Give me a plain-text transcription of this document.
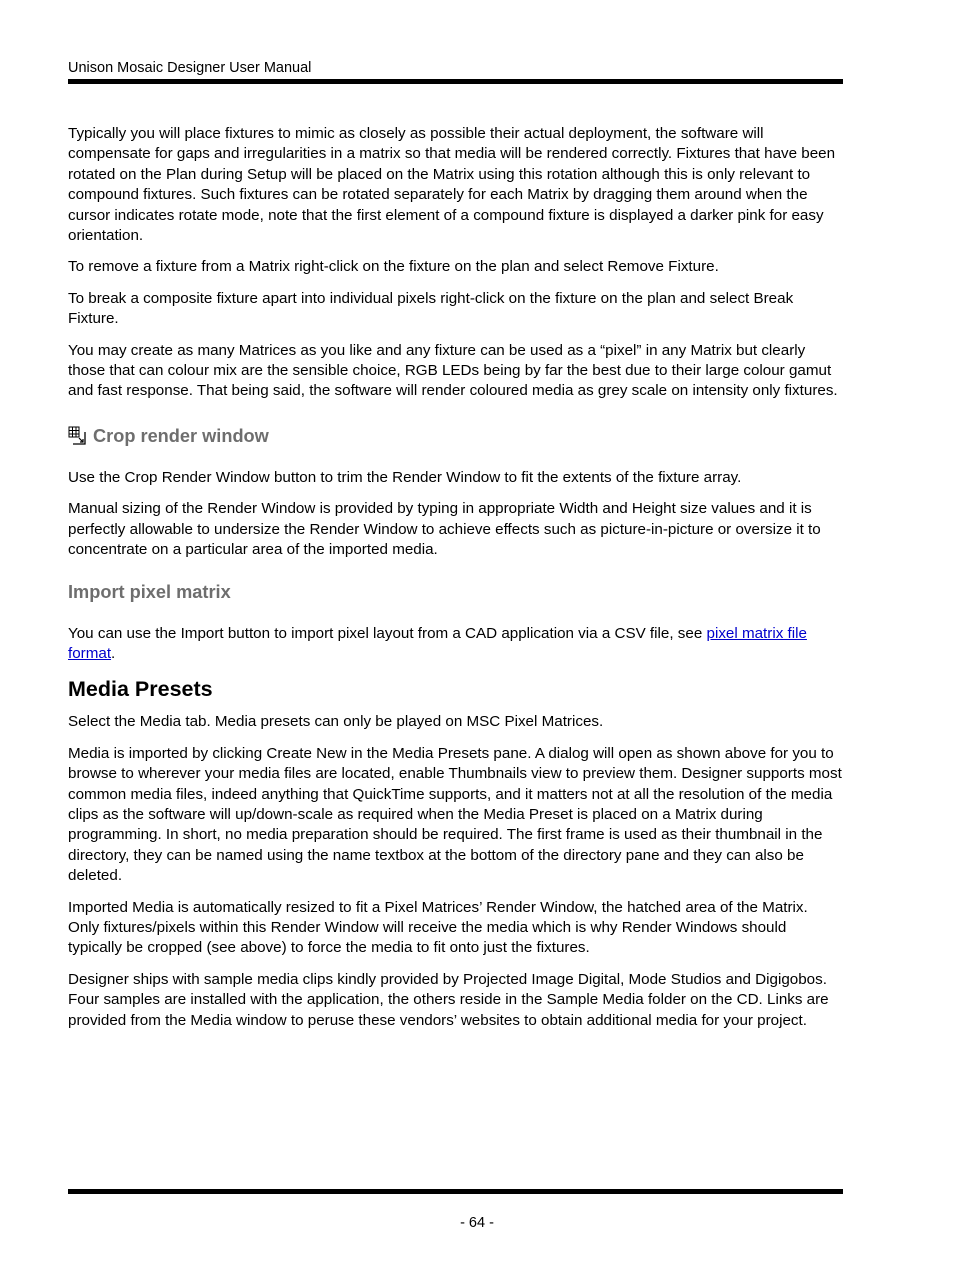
Unison Mosaic Designer User Manual

Typically you will place fixtures to mimic as closely as possible their actual deployment, the software will compensate for gaps and irregularities in a matrix so that media will be rendered correctly. Fixtures that have been rotated on the Plan during Setup will be placed on the Matrix using this rotation although this is only relevant to compound fixtures. Such fixtures can be rotated separately for each Matrix by dragging them around when the cursor indicates rotate mode, note that the first element of a compound fixture is displayed a darker pink for easy orientation.

To remove a fixture from a Matrix right-click on the fixture on the plan and select Remove Fixture.

To break a composite fixture apart into individual pixels right-click on the fixture on the plan and select Break Fixture.

You may create as many Matrices as you like and any fixture can be used as a “pixel” in any Matrix but clearly those that can colour mix are the sensible choice, RGB LEDs being by far the best due to their large colour gamut and fast response. That being said, the software will render coloured media as grey scale on intensity only fixtures.

Crop render window

Use the Crop Render Window button to trim the Render Window to fit the extents of the fixture array.

Manual sizing of the Render Window is provided by typing in appropriate Width and Height size values and it is perfectly allowable to undersize the Render Window to achieve effects such as picture-in-picture or oversize it to concentrate on a particular area of the imported media.

Import pixel matrix

You can use the Import button to import pixel layout from a CAD application via a CSV file, see pixel matrix file format.

Media Presets

Select the Media tab. Media presets can only be played on MSC Pixel Matrices.

Media is imported by clicking Create New in the Media Presets pane. A dialog will open as shown above for you to browse to wherever your media files are located, enable Thumbnails view to preview them. Designer supports most common media files, indeed anything that QuickTime supports, and it matters not at all the resolution of the media clips as the software will up/down-scale as required when the Media Preset is placed on a Matrix during programming. In short, no media preparation should be required. The first frame is used as their thumbnail in the directory, they can be named using the name textbox at the bottom of the directory pane and they can also be deleted.

Imported Media is automatically resized to fit a Pixel Matrices’ Render Window, the hatched area of the Matrix. Only fixtures/pixels within this Render Window will receive the media which is why Render Windows should typically be cropped (see above) to force the media to fit onto just the fixtures.

Designer ships with sample media clips kindly provided by Projected Image Digital, Mode Studios and Digigobos. Four samples are installed with the application, the others reside in the Sample Media folder on the CD. Links are provided from the Media window to peruse these vendors’ websites to obtain additional media for your project.

- 64 -
